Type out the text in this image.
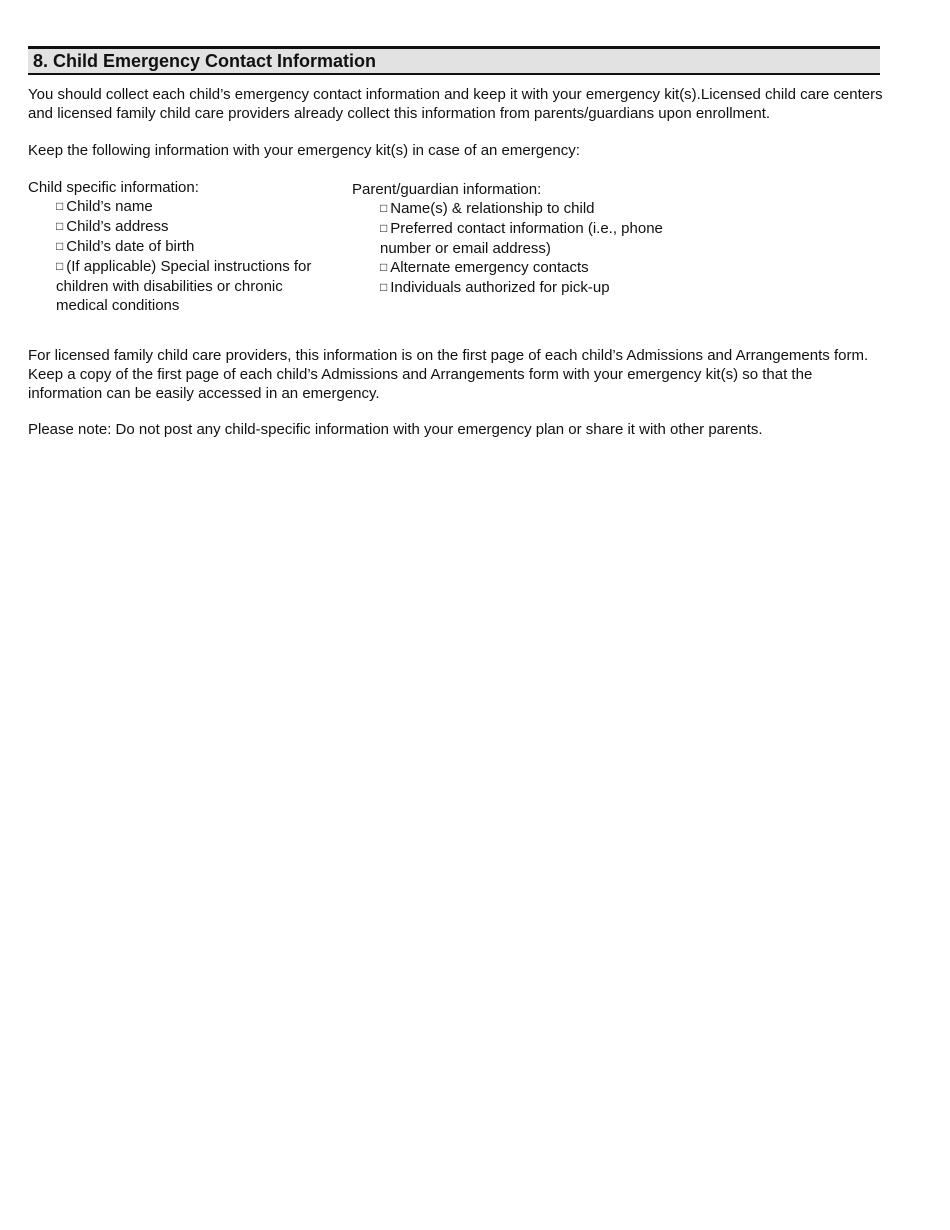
8. Child Emergency Contact Information

You should collect each child’s emergency contact information and keep it with your emergency kit(s).Licensed child care centers and licensed family child care providers already collect this information from parents/guardians upon enrollment.

Keep the following information with your emergency kit(s) in case of an emergency:

Child specific information:

□ Child’s name
□ Child’s address
□ Child’s date of birth
□ (If applicable) Special instructions for children with disabilities or chronic medical conditions

Parent/guardian information:

□ Name(s) & relationship to child
□ Preferred contact information (i.e., phone number or email address)
□ Alternate emergency contacts
□ Individuals authorized for pick-up

For licensed family child care providers, this information is on the first page of each child’s Admissions and Arrangements form. Keep a copy of the first page of each child’s Admissions and Arrangements form with your emergency kit(s) so that the information can be easily accessed in an emergency.

Please note: Do not post any child-specific information with your emergency plan or share it with other parents.
